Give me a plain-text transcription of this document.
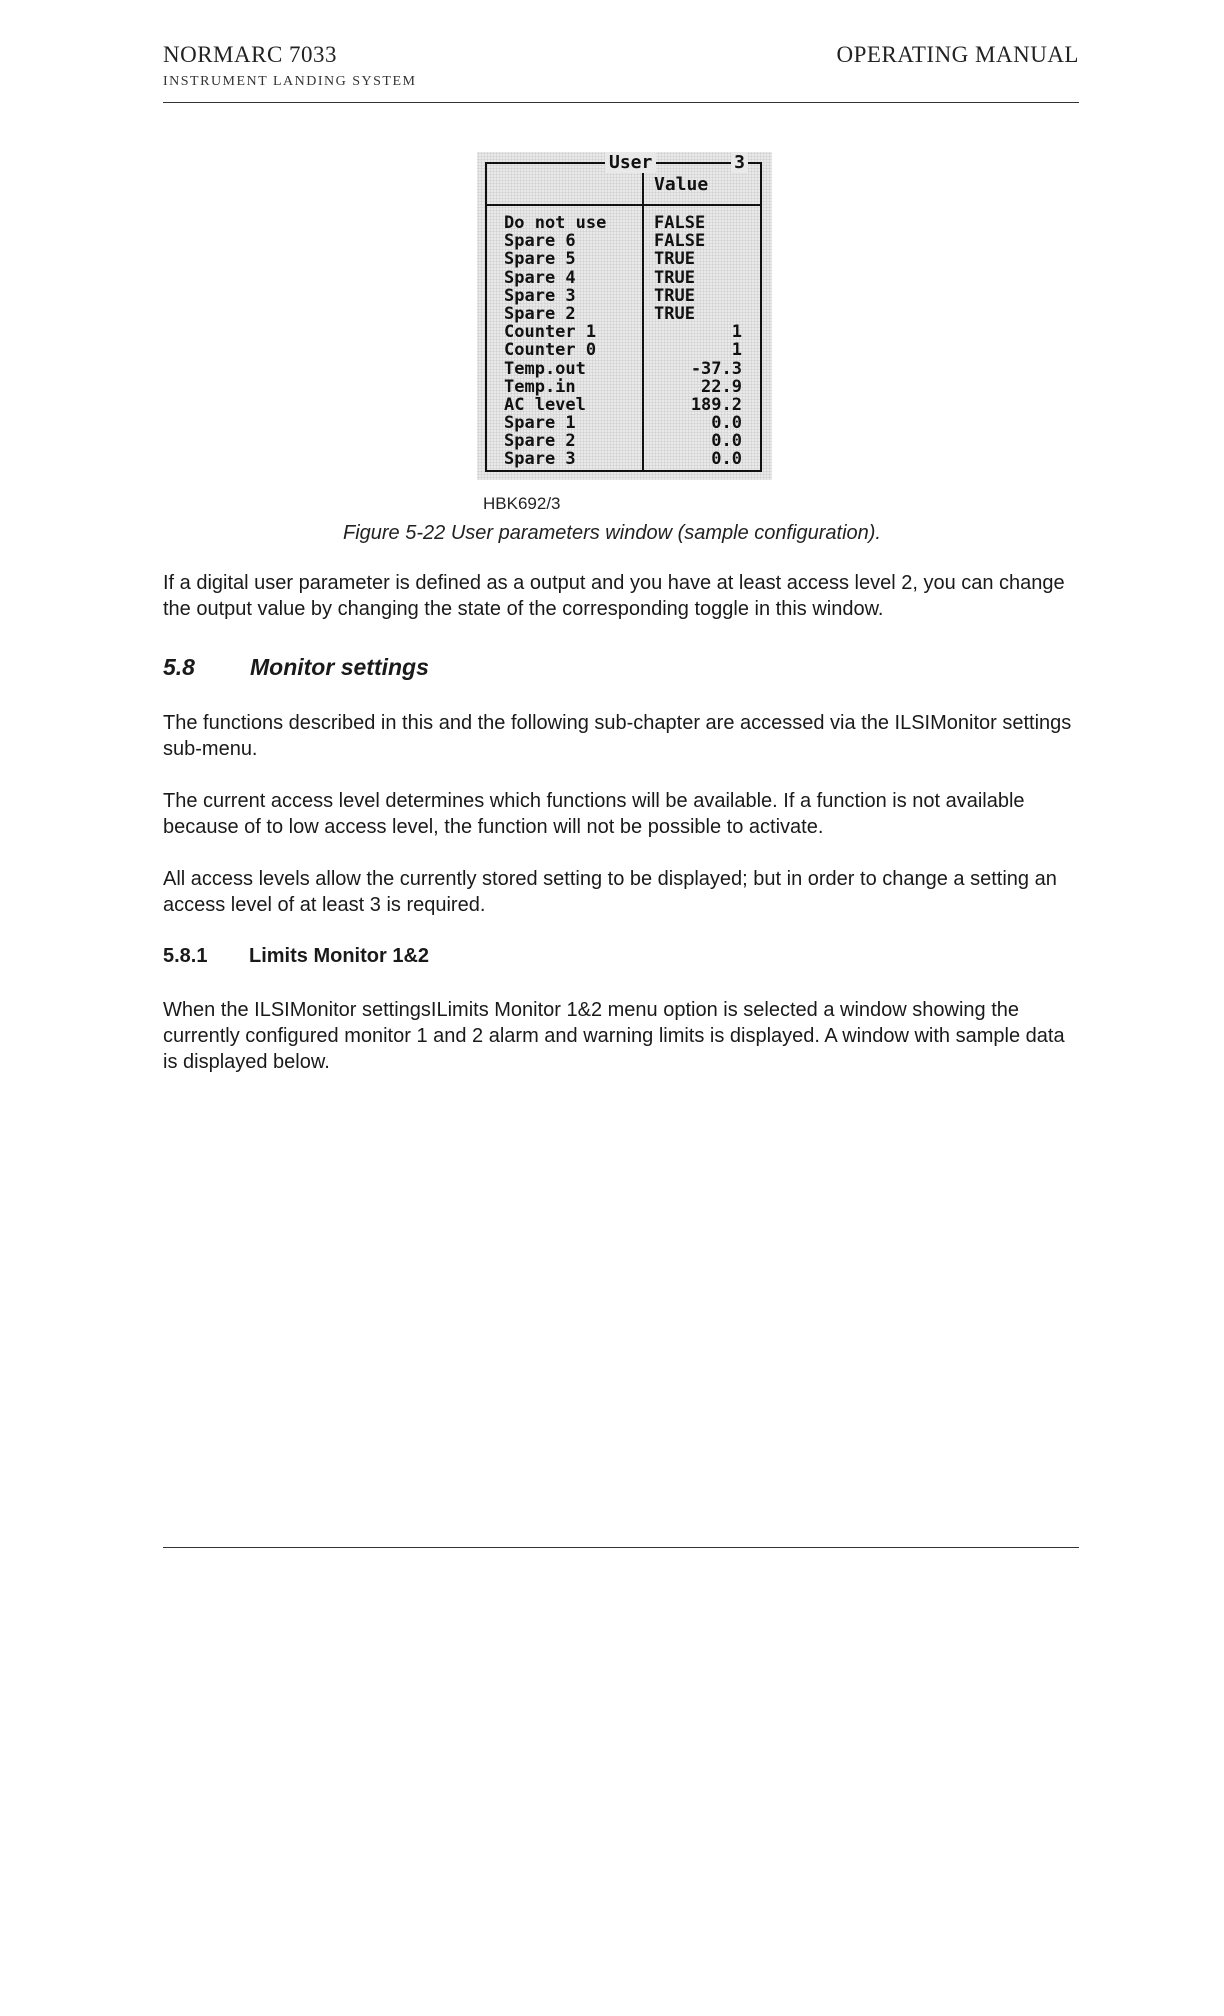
NORMARC 7033
INSTRUMENT LANDING SYSTEM
OPERATING MANUAL
User	3
Value
Do not use	FALSE
Spare 6	FALSE
Spare 5	TRUE
Spare 4	TRUE
Spare 3	TRUE
Spare 2	TRUE
Counter 1	1
Counter 0	1
Temp.out	-37.3
Temp.in	22.9
AC level	189.2
Spare 1	0.0
Spare 2	0.0
Spare 3	0.0
HBK692/3
Figure 5-22 User parameters window (sample configuration).
If a digital user parameter is defined as a output and you have at least access level 2, you can change the output value by changing the state of the corresponding toggle in this window.
5.8 Monitor settings
The functions described in this and the following sub-chapter are accessed via the ILSIMonitor settings sub-menu.
The current access level determines which functions will be available. If a function is not available because of to low access level, the function will not be possible to activate.
All access levels allow the currently stored setting to be displayed; but in order to change a setting an access level of at least 3 is required.
5.8.1 Limits Monitor 1&2
When the ILSIMonitor settingsILimits Monitor 1&2 menu option is selected a window showing the currently configured monitor 1 and 2 alarm and warning limits is displayed. A window with sample data is displayed below.
